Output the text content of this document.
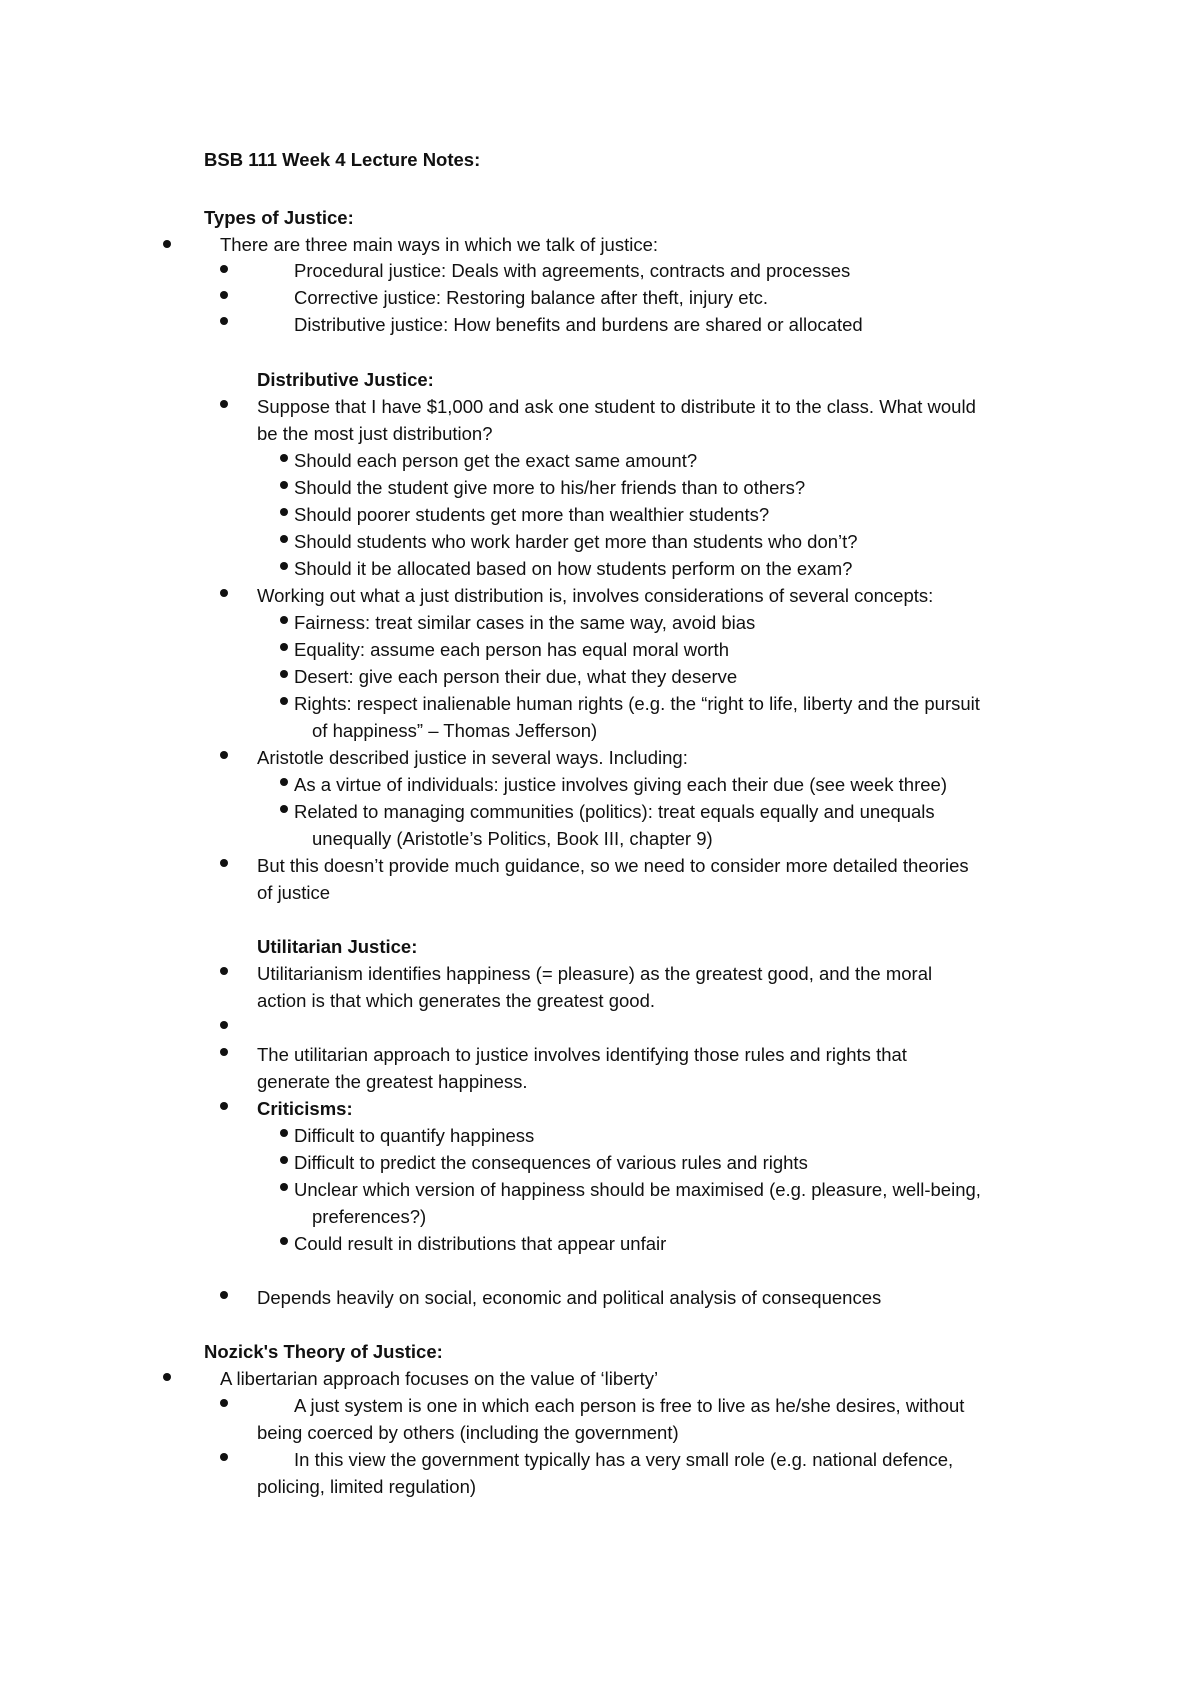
BSB 111 Week 4 Lecture Notes:
Types of Justice:
There are three main ways in which we talk of justice:
Procedural justice: Deals with agreements, contracts and processes
Corrective justice: Restoring balance after theft, injury etc.
Distributive justice: How benefits and burdens are shared or allocated
Distributive Justice:
Suppose that I have $1,000 and ask one student to distribute it to the class. What would
be the most just distribution?
Should each person get the exact same amount?
Should the student give more to his/her friends than to others?
Should poorer students get more than wealthier students?
Should students who work harder get more than students who don’t?
Should it be allocated based on how students perform on the exam?
Working out what a just distribution is, involves considerations of several concepts:
Fairness: treat similar cases in the same way, avoid bias
Equality: assume each person has equal moral worth
Desert: give each person their due, what they deserve
Rights: respect inalienable human rights (e.g. the “right to life, liberty and the pursuit
of happiness” – Thomas Jefferson)
Aristotle described justice in several ways. Including:
As a virtue of individuals: justice involves giving each their due (see week three)
Related to managing communities (politics): treat equals equally and unequals
unequally (Aristotle’s Politics, Book III, chapter 9)
But this doesn’t provide much guidance, so we need to consider more detailed theories
of justice
Utilitarian Justice:
Utilitarianism identifies happiness (= pleasure) as the greatest good, and the moral
action is that which generates the greatest good.
The utilitarian approach to justice involves identifying those rules and rights that
generate the greatest happiness.
Criticisms:
Difficult to quantify happiness
Difficult to predict the consequences of various rules and rights
Unclear which version of happiness should be maximised (e.g. pleasure, well-being,
preferences?)
Could result in distributions that appear unfair
Depends heavily on social, economic and political analysis of consequences
Nozick's Theory of Justice:
A libertarian approach focuses on the value of ‘liberty’
A just system is one in which each person is free to live as he/she desires, without
being coerced by others (including the government)
In this view the government typically has a very small role (e.g. national defence,
policing, limited regulation)
